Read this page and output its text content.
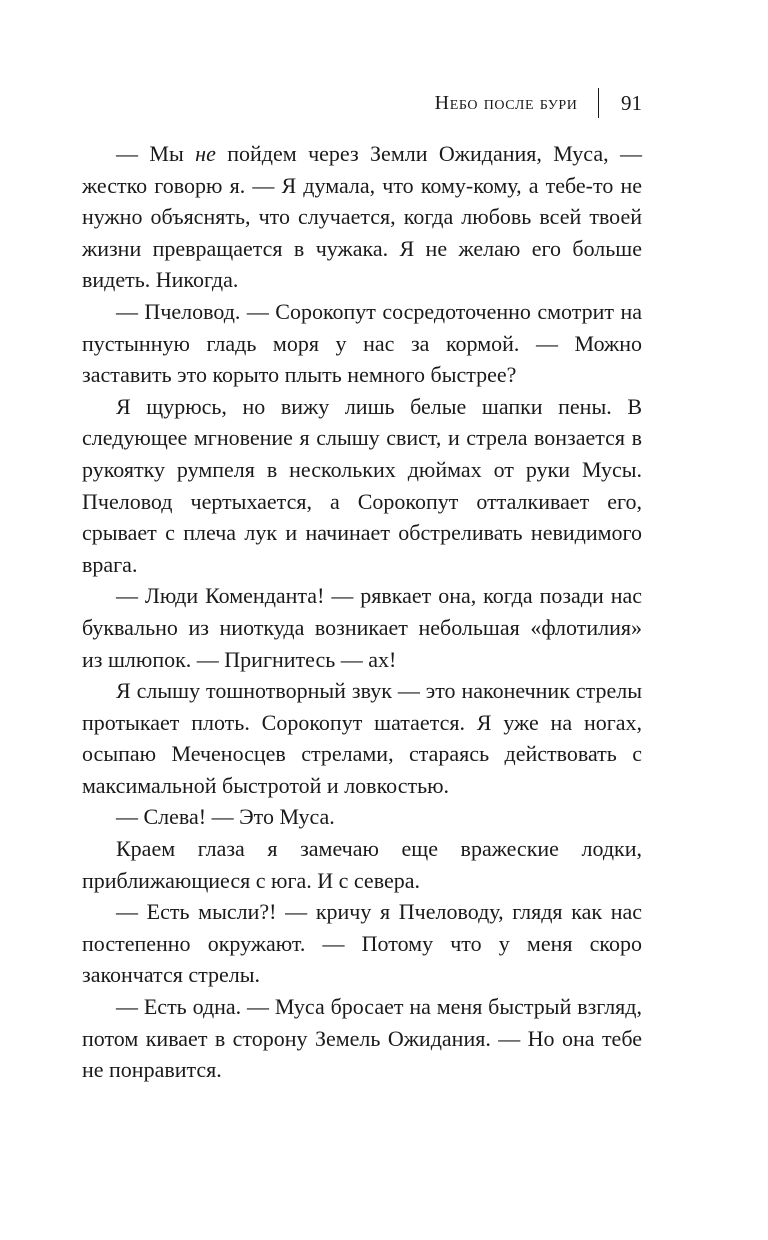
Небо после бури 91

— Мы не пойдем через Земли Ожидания, Муса, — жестко говорю я. — Я думала, что кому-кому, а тебе-то не нужно объяснять, что случается, когда любовь всей твоей жизни превращается в чужака. Я не желаю его больше видеть. Никогда.

— Пчеловод. — Сорокопут сосредоточенно смотрит на пустынную гладь моря у нас за кормой. — Можно заставить это корыто плыть немного быстрее?

Я щурюсь, но вижу лишь белые шапки пены. В следующее мгновение я слышу свист, и стрела вонзается в рукоятку румпеля в нескольких дюймах от руки Мусы. Пчеловод чертыхается, а Сорокопут отталкивает его, срывает с плеча лук и начинает обстреливать невидимого врага.

— Люди Коменданта! — рявкает она, когда позади нас буквально из ниоткуда возникает небольшая «флотилия» из шлюпок. — Пригнитесь — ах!

Я слышу тошнотворный звук — это наконечник стрелы протыкает плоть. Сорокопут шатается. Я уже на ногах, осыпаю Меченосцев стрелами, стараясь действовать с максимальной быстротой и ловкостью.

— Слева! — Это Муса.

Краем глаза я замечаю еще вражеские лодки, приближающиеся с юга. И с севера.

— Есть мысли?! — кричу я Пчеловоду, глядя как нас постепенно окружают. — Потому что у меня скоро закончатся стрелы.

— Есть одна. — Муса бросает на меня быстрый взгляд, потом кивает в сторону Земель Ожидания. — Но она тебе не понравится.
